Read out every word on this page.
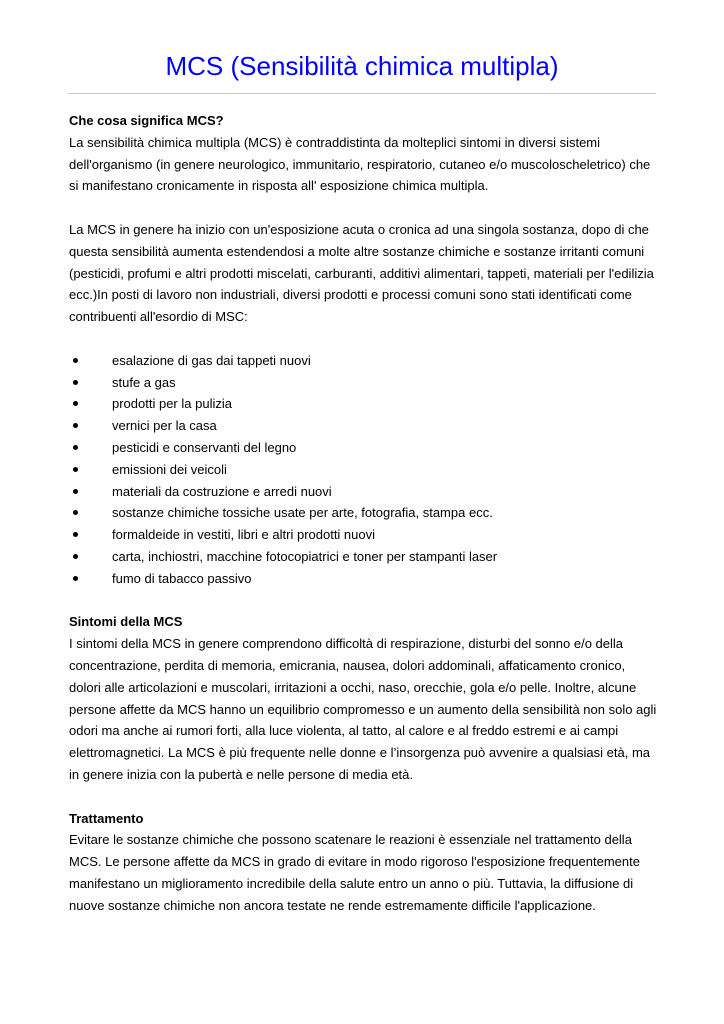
MCS (Sensibilità chimica multipla)

Che cosa significa MCS?

La sensibilità chimica multipla (MCS) è contraddistinta da molteplici sintomi in diversi sistemi dell'organismo (in genere neurologico, immunitario, respiratorio, cutaneo e/o muscoloscheletrico) che si manifestano cronicamente in risposta all' esposizione chimica multipla.

La MCS in genere ha inizio con un'esposizione acuta o cronica ad una singola sostanza, dopo di che questa sensibilità aumenta estendendosi a molte altre sostanze chimiche e sostanze irritanti comuni (pesticidi, profumi e altri prodotti miscelati, carburanti, additivi alimentari, tappeti, materiali per l'edilizia ecc.)In posti di lavoro non industriali, diversi prodotti e processi comuni sono stati identificati come contribuenti all'esordio di MSC:

esalazione di gas dai tappeti nuovi
stufe a gas
prodotti per la pulizia
vernici per la casa
pesticidi e conservanti del legno
emissioni dei veicoli
materiali da costruzione e arredi nuovi
sostanze chimiche tossiche usate per arte, fotografia, stampa ecc.
formaldeide in vestiti, libri e altri prodotti nuovi
carta, inchiostri, macchine fotocopiatrici e toner per stampanti laser
fumo di tabacco passivo

Sintomi della MCS

I sintomi della MCS in genere comprendono difficoltà di respirazione, disturbi del sonno e/o della concentrazione, perdita di memoria, emicrania, nausea, dolori addominali, affaticamento cronico, dolori alle articolazioni e muscolari, irritazioni a occhi, naso, orecchie, gola e/o pelle. Inoltre, alcune persone affette da MCS hanno un equilibrio compromesso e un aumento della sensibilità non solo agli odori ma anche ai rumori forti, alla luce violenta, al tatto, al calore e al freddo estremi e ai campi elettromagnetici. La MCS è più frequente nelle donne e l’insorgenza può avvenire a qualsiasi età, ma in genere inizia con la pubertà e nelle persone di media età.

Trattamento

Evitare le sostanze chimiche che possono scatenare le reazioni è essenziale nel trattamento della MCS. Le persone affette da MCS in grado di evitare in modo rigoroso l'esposizione frequentemente manifestano un miglioramento incredibile della salute entro un anno o più. Tuttavia, la diffusione di nuove sostanze chimiche non ancora testate ne rende estremamente difficile l'applicazione.
